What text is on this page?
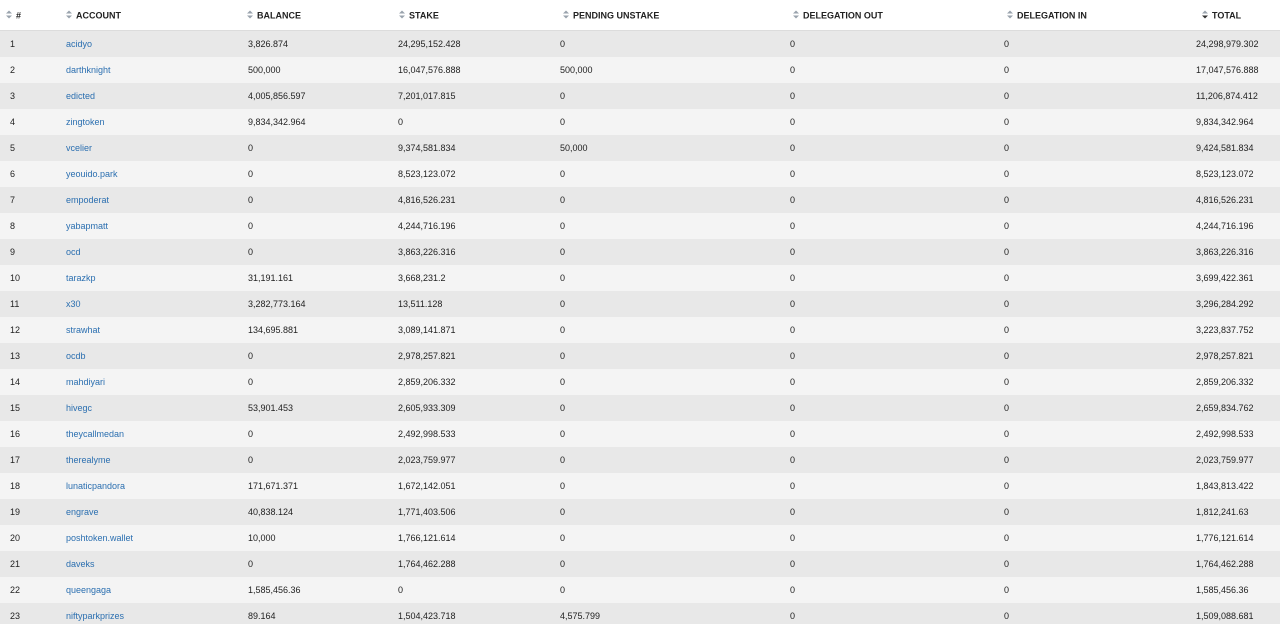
#	ACCOUNT	BALANCE	STAKE	PENDING UNSTAKE	DELEGATION OUT	DELEGATION IN	TOTAL
1	acidyo	3,826.874	24,295,152.428	0	0	0	24,298,979.302
2	darthknight	500,000	16,047,576.888	500,000	0	0	17,047,576.888
3	edicted	4,005,856.597	7,201,017.815	0	0	0	11,206,874.412
4	zingtoken	9,834,342.964	0	0	0	0	9,834,342.964
5	vcelier	0	9,374,581.834	50,000	0	0	9,424,581.834
6	yeouido.park	0	8,523,123.072	0	0	0	8,523,123.072
7	empoderat	0	4,816,526.231	0	0	0	4,816,526.231
8	yabapmatt	0	4,244,716.196	0	0	0	4,244,716.196
9	ocd	0	3,863,226.316	0	0	0	3,863,226.316
10	tarazkp	31,191.161	3,668,231.2	0	0	0	3,699,422.361
11	x30	3,282,773.164	13,511.128	0	0	0	3,296,284.292
12	strawhat	134,695.881	3,089,141.871	0	0	0	3,223,837.752
13	ocdb	0	2,978,257.821	0	0	0	2,978,257.821
14	mahdiyari	0	2,859,206.332	0	0	0	2,859,206.332
15	hivegc	53,901.453	2,605,933.309	0	0	0	2,659,834.762
16	theycallmedan	0	2,492,998.533	0	0	0	2,492,998.533
17	therealyme	0	2,023,759.977	0	0	0	2,023,759.977
18	lunaticpandora	171,671.371	1,672,142.051	0	0	0	1,843,813.422
19	engrave	40,838.124	1,771,403.506	0	0	0	1,812,241.63
20	poshtoken.wallet	10,000	1,766,121.614	0	0	0	1,776,121.614
21	daveks	0	1,764,462.288	0	0	0	1,764,462.288
22	queengaga	1,585,456.36	0	0	0	0	1,585,456.36
23	niftyparkprizes	89.164	1,504,423.718	4,575.799	0	0	1,509,088.681
